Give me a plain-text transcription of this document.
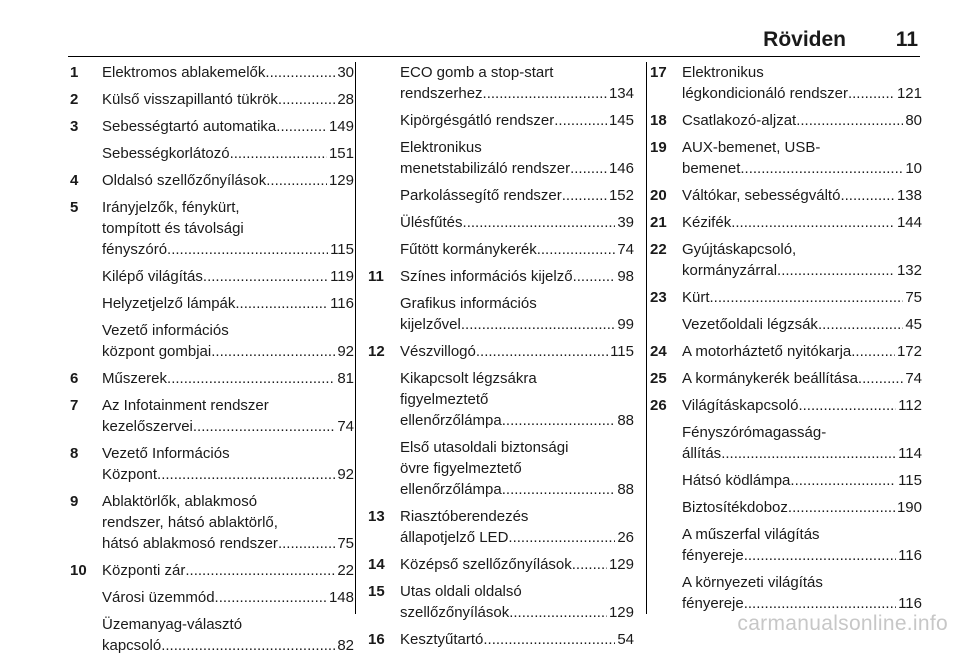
Röviden 11
1	Elektromos ablakemelők .....	30
2	Külső visszapillantó tükrök .....	28
3	Sebességtartó automatika .....	149
Sebességkorlátozó .....	151
4	Oldalsó szellőzőnyílások .....	129
5	Irányjelzők, fénykürt,
tompított és távolsági
fényszóró .....	115
Kilépő világítás .....	119
Helyzetjelző lámpák .....	116
Vezető információs
központ gombjai .....	92
6	Műszerek .....	81
7	Az Infotainment rendszer
kezelőszervei .....	74
8	Vezető Információs
Központ .....	92
9	Ablaktörlők, ablakmosó
rendszer, hátsó ablaktörlő,
hátsó ablakmosó rendszer .....	75
10	Központi zár .....	22
Városi üzemmód .....	148
Üzemanyag-választó
kapcsoló .....	82
ECO gomb a stop-start
rendszerhez .....	134
Kipörgésgátló rendszer .....	145
Elektronikus
menetstabilizáló rendszer .....	146
Parkolássegítő rendszer .....	152
Ülésfűtés .....	39
Fűtött kormánykerék .....	74
11	Színes információs kijelző .....	98
Grafikus információs
kijelzővel .....	99
12	Vészvillogó .....	115
Kikapcsolt légzsákra
figyelmeztető
ellenőrzőlámpa .....	88
Első utasoldali biztonsági
övre figyelmeztető
ellenőrzőlámpa .....	88
13	Riasztóberendezés
állapotjelző LED .....	26
14	Középső szellőzőnyílások ..... 129
15	Utas oldali oldalsó
szellőzőnyílások .....	129
16	Kesztyűtartó .....	54
17	Elektronikus
légkondicionáló rendszer .....	121
18	Csatlakozó-aljzat .....	80
19	AUX-bemenet, USB-
bemenet .....	10
20	Váltókar, sebességváltó .....	138
21	Kézifék .....	144
22	Gyújtáskapcsoló,
kormányzárral .....	132
23	Kürt .....	75
Vezetőoldali légzsák .....	45
24	A motorháztető nyitókarja .....	172
25	A kormánykerék beállítása .....	74
26	Világításkapcsoló .....	112
Fényszórómagasság-
állítás .....	114
Hátsó ködlámpa .....	115
Biztosítékdoboz .....	190
A műszerfal világítás
fényereje .....	116
A környezeti világítás
fényereje .....	116
carmanualsonline.info
